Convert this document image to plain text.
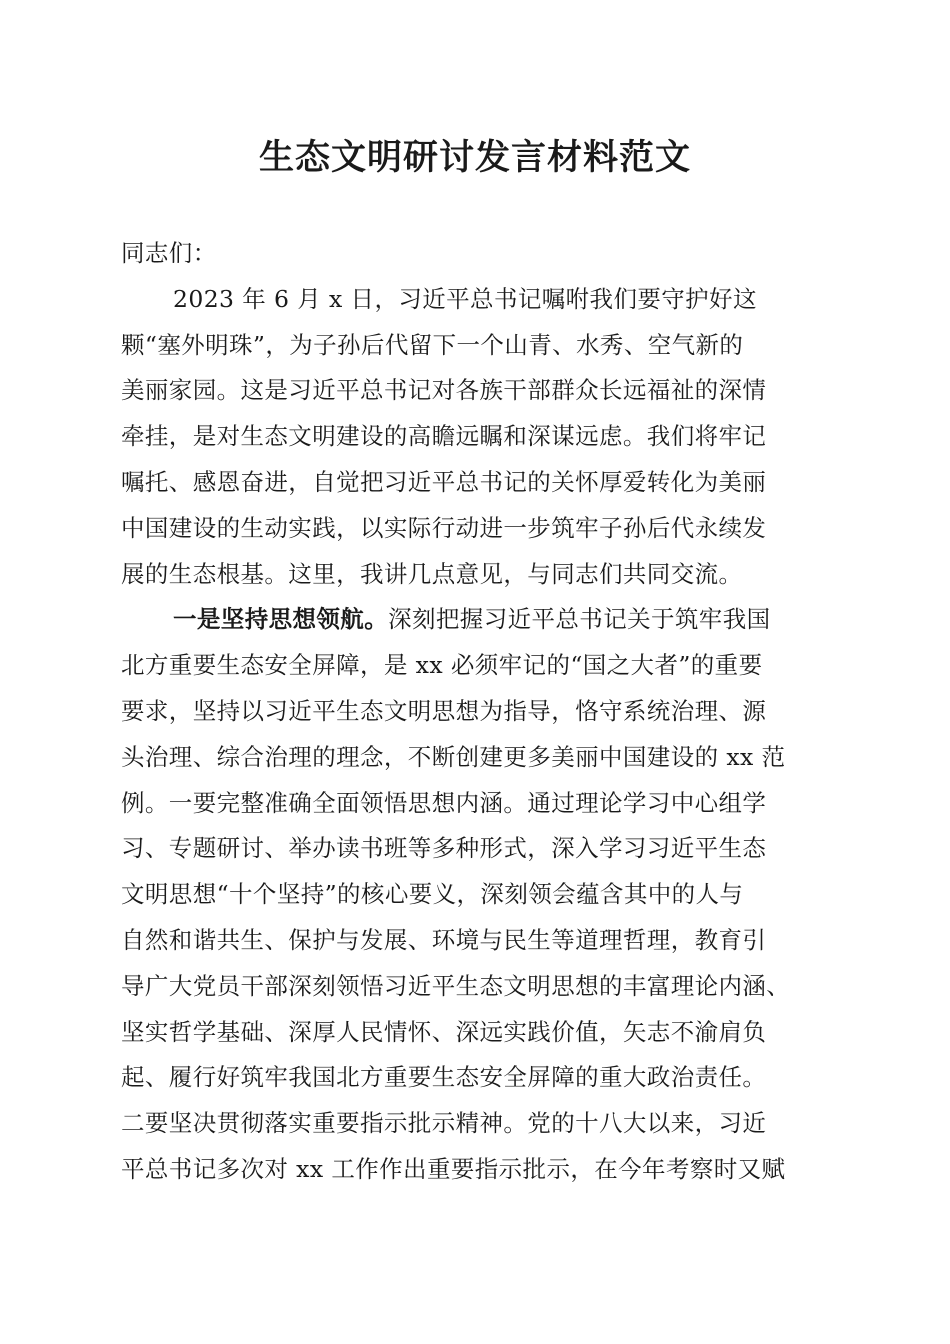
生态文明研讨发言材料范文
同志们：
2023 年 6 月 x 日，习近平总书记嘱咐我们要守护好这
颗“塞外明珠”，为子孙后代留下一个山青、水秀、空气新的
美丽家园。这是习近平总书记对各族干部群众长远福祉的深情
牵挂，是对生态文明建设的高瞻远瞩和深谋远虑。我们将牢记
嘱托、感恩奋进，自觉把习近平总书记的关怀厚爱转化为美丽
中国建设的生动实践，以实际行动进一步筑牢子孙后代永续发
展的生态根基。这里，我讲几点意见，与同志们共同交流。
一是坚持思想领航。深刻把握习近平总书记关于筑牢我国
北方重要生态安全屏障，是 xx 必须牢记的“国之大者”的重要
要求，坚持以习近平生态文明思想为指导，恪守系统治理、源
头治理、综合治理的理念，不断创建更多美丽中国建设的 xx 范
例。一要完整准确全面领悟思想内涵。通过理论学习中心组学
习、专题研讨、举办读书班等多种形式，深入学习习近平生态
文明思想“十个坚持”的核心要义，深刻领会蕴含其中的人与
自然和谐共生、保护与发展、环境与民生等道理哲理，教育引
导广大党员干部深刻领悟习近平生态文明思想的丰富理论内涵、
坚实哲学基础、深厚人民情怀、深远实践价值，矢志不渝肩负
起、履行好筑牢我国北方重要生态安全屏障的重大政治责任。
二要坚决贯彻落实重要指示批示精神。党的十八大以来，习近
平总书记多次对 xx 工作作出重要指示批示，在今年考察时又赋
